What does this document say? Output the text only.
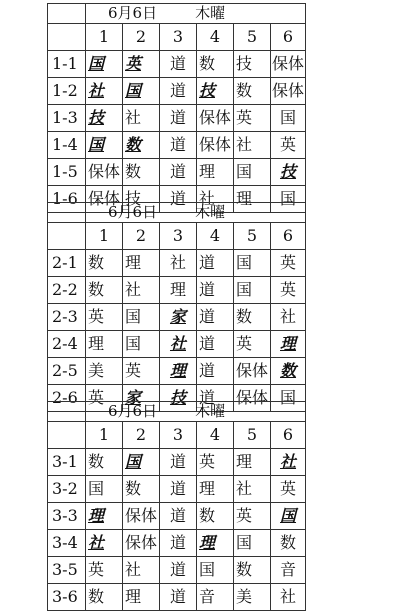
	6月6日 木曜					
	1	2	3	4	5	6
1-1	国	英	道	数	技	保体
1-2	社	国	道	技	数	保体
1-3	技	社	道	保体	英	国
1-4	国	数	道	保体	社	英
1-5	保体	数	道	理	国	技
1-6	保体	技	道	社	理	国
	6月6日 木曜					
	1	2	3	4	5	6
2-1	数	理	社	道	国	英
2-2	数	社	理	道	国	英
2-3	英	国	家	道	数	社
2-4	理	国	社	道	英	理
2-5	美	英	理	道	保体	数
2-6	英	家	技	道	保体	国
	6月6日 木曜					
	1	2	3	4	5	6
3-1	数	国	道	英	理	社
3-2	国	数	道	理	社	英
3-3	理	保体	道	数	英	国
3-4	社	保体	道	理	国	数
3-5	英	社	道	国	数	音
3-6	数	理	道	音	美	社
